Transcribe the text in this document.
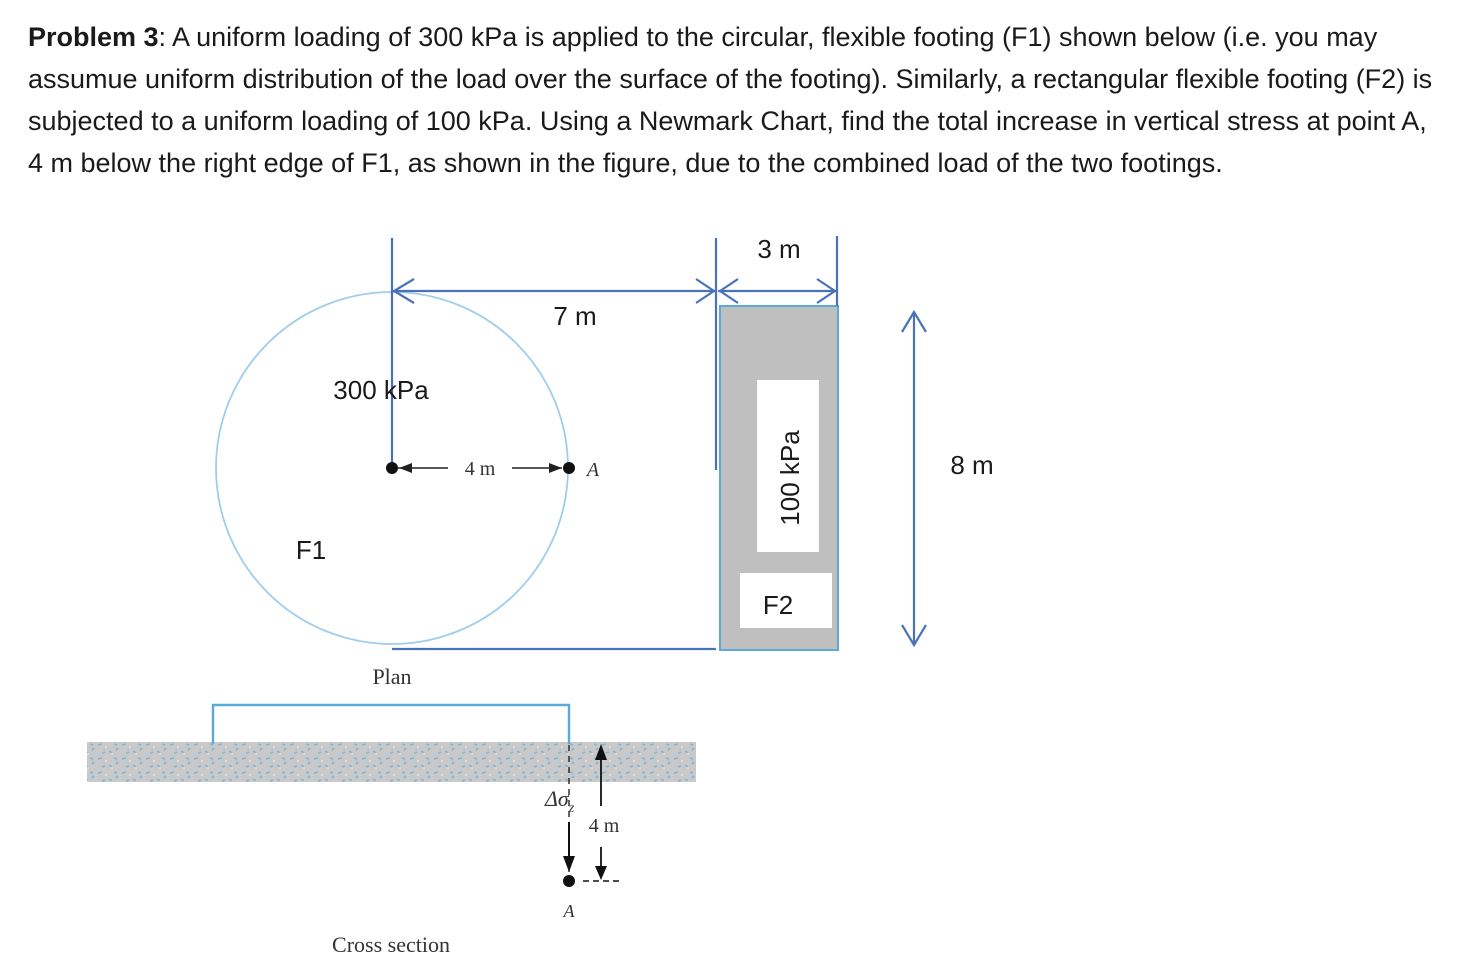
Problem 3: A uniform loading of 300 kPa is applied to the circular, flexible footing (F1) shown below (i.e. you may assumue uniform distribution of the load over the surface of the footing). Similarly, a rectangular flexible footing (F2) is subjected to a uniform loading of 100 kPa. Using a Newmark Chart, find the total increase in vertical stress at point A, 4 m below the right edge of F1, as shown in the figure, due to the combined load of the two footings.
7 m
3 m
8 m
300 kPa
F1
F2
100 kPa
4 m	A
Plan
$\Delta\sigma_z$
4 m
A
Cross section
